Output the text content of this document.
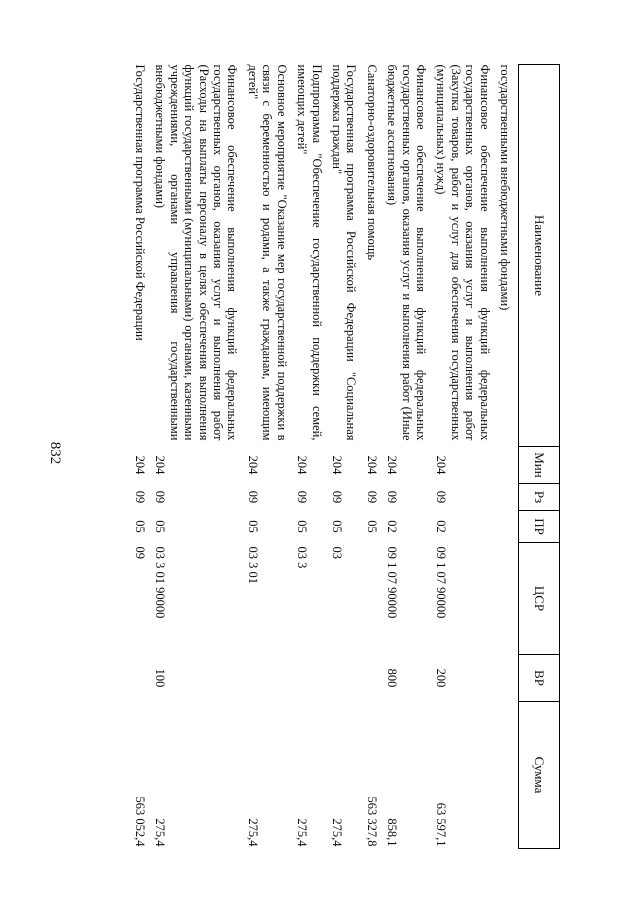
832
Наименование	Мин	Рз	ПР	ЦСР	ВР	Сумма
государственными внебюджетными фондами)						
Финансовое обеспечение выполнения функций федеральных государственных органов, оказания услуг и выполнения работ (Закупка товаров, работ и услуг для обеспечения государственных (муниципальных) нужд)	204	09	02	09 1 07 90000	200	63 597,1
Финансовое обеспечение выполнения функций федеральных государственных органов, оказания услуг и выполнения работ (Иные бюджетные ассигнования)	204	09	02	09 1 07 90000	800	858,1
Санаторно-оздоровительная помощь	204	09	05			563 327,8
Государственная программа Российской Федерации "Социальная поддержка граждан"	204	09	05	03		275,4
Подпрограмма "Обеспечение государственной поддержки семей, имеющих детей"	204	09	05	03 3		275,4
Основное мероприятие "Оказание мер государственной поддержки в связи с беременностью и родами, а также гражданам, имеющим детей"	204	09	05	03 3 01		275,4
Финансовое обеспечение выполнения функций федеральных государственных органов, оказания услуг и выполнения работ (Расходы на выплаты персоналу в целях обеспечения выполнения функций государственными (муниципальными) органами, казенными учреждениями, органами управления государственными внебюджетными фондами)	204	09	05	03 3 01 90000	100	275,4
Государственная программа Российской Федерации	204	09	05	09		563 052,4
